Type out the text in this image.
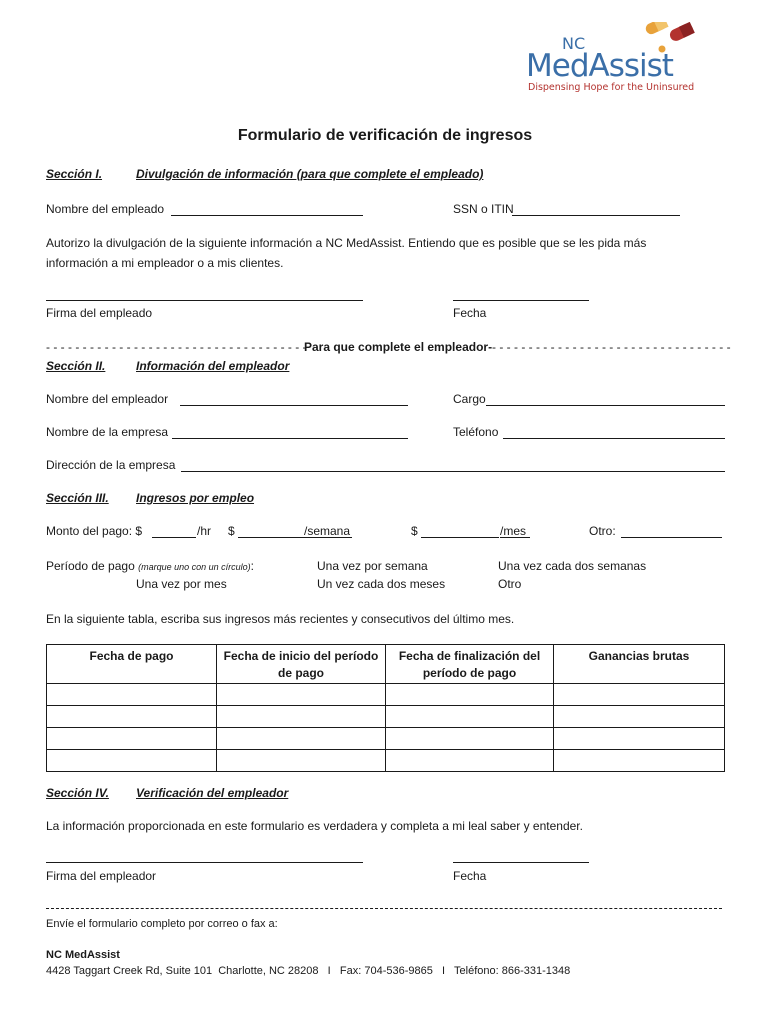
NC
MedAssist
Dispensing Hope for the Uninsured
Formulario de verificación de ingresos
Sección I.	Divulgación de información (para que complete el empleado)
Nombre del empleado	SSN o ITIN
Autorizo la divulgación de la siguiente información a NC MedAssist. Entiendo que es posible que se les pida más
información a mi empleador o a mis clientes.
Firma del empleado	Fecha
- - - - - - - - - - - - - - - - - - - - - - - - - - - - - - - - - - - -
Para que complete el empleador- - - - - - - - - - - - - - - - - - - - - - - - - - - - - - - - - -
Sección II.	Información del empleador
Nombre del empleador	Cargo
Nombre de la empresa	Teléfono
Dirección de la empresa
Sección III. Ingresos por empleo
Monto del pago: $	/hr $	/semana	$	/mes	Otro:
Período de pago (marque uno con un círculo):	Una vez por semana	Una vez cada dos semanas
Una vez por mes	Un vez cada dos meses	Otro
En la siguiente tabla, escriba sus ingresos más recientes y consecutivos del último mes.
Fecha de pago	Fecha de inicio del período de pago	Fecha de finalización del período de pago	Ganancias brutas

Sección IV. Verificación del empleador
La información proporcionada en este formulario es verdadera y completa a mi leal saber y entender.
Firma del empleador	Fecha
Envíe el formulario completo por correo o fax a:
NC MedAssist
4428 Taggart Creek Rd, Suite 101  Charlotte, NC 28208   I   Fax: 704-536-9865   I   Teléfono: 866-331-1348
